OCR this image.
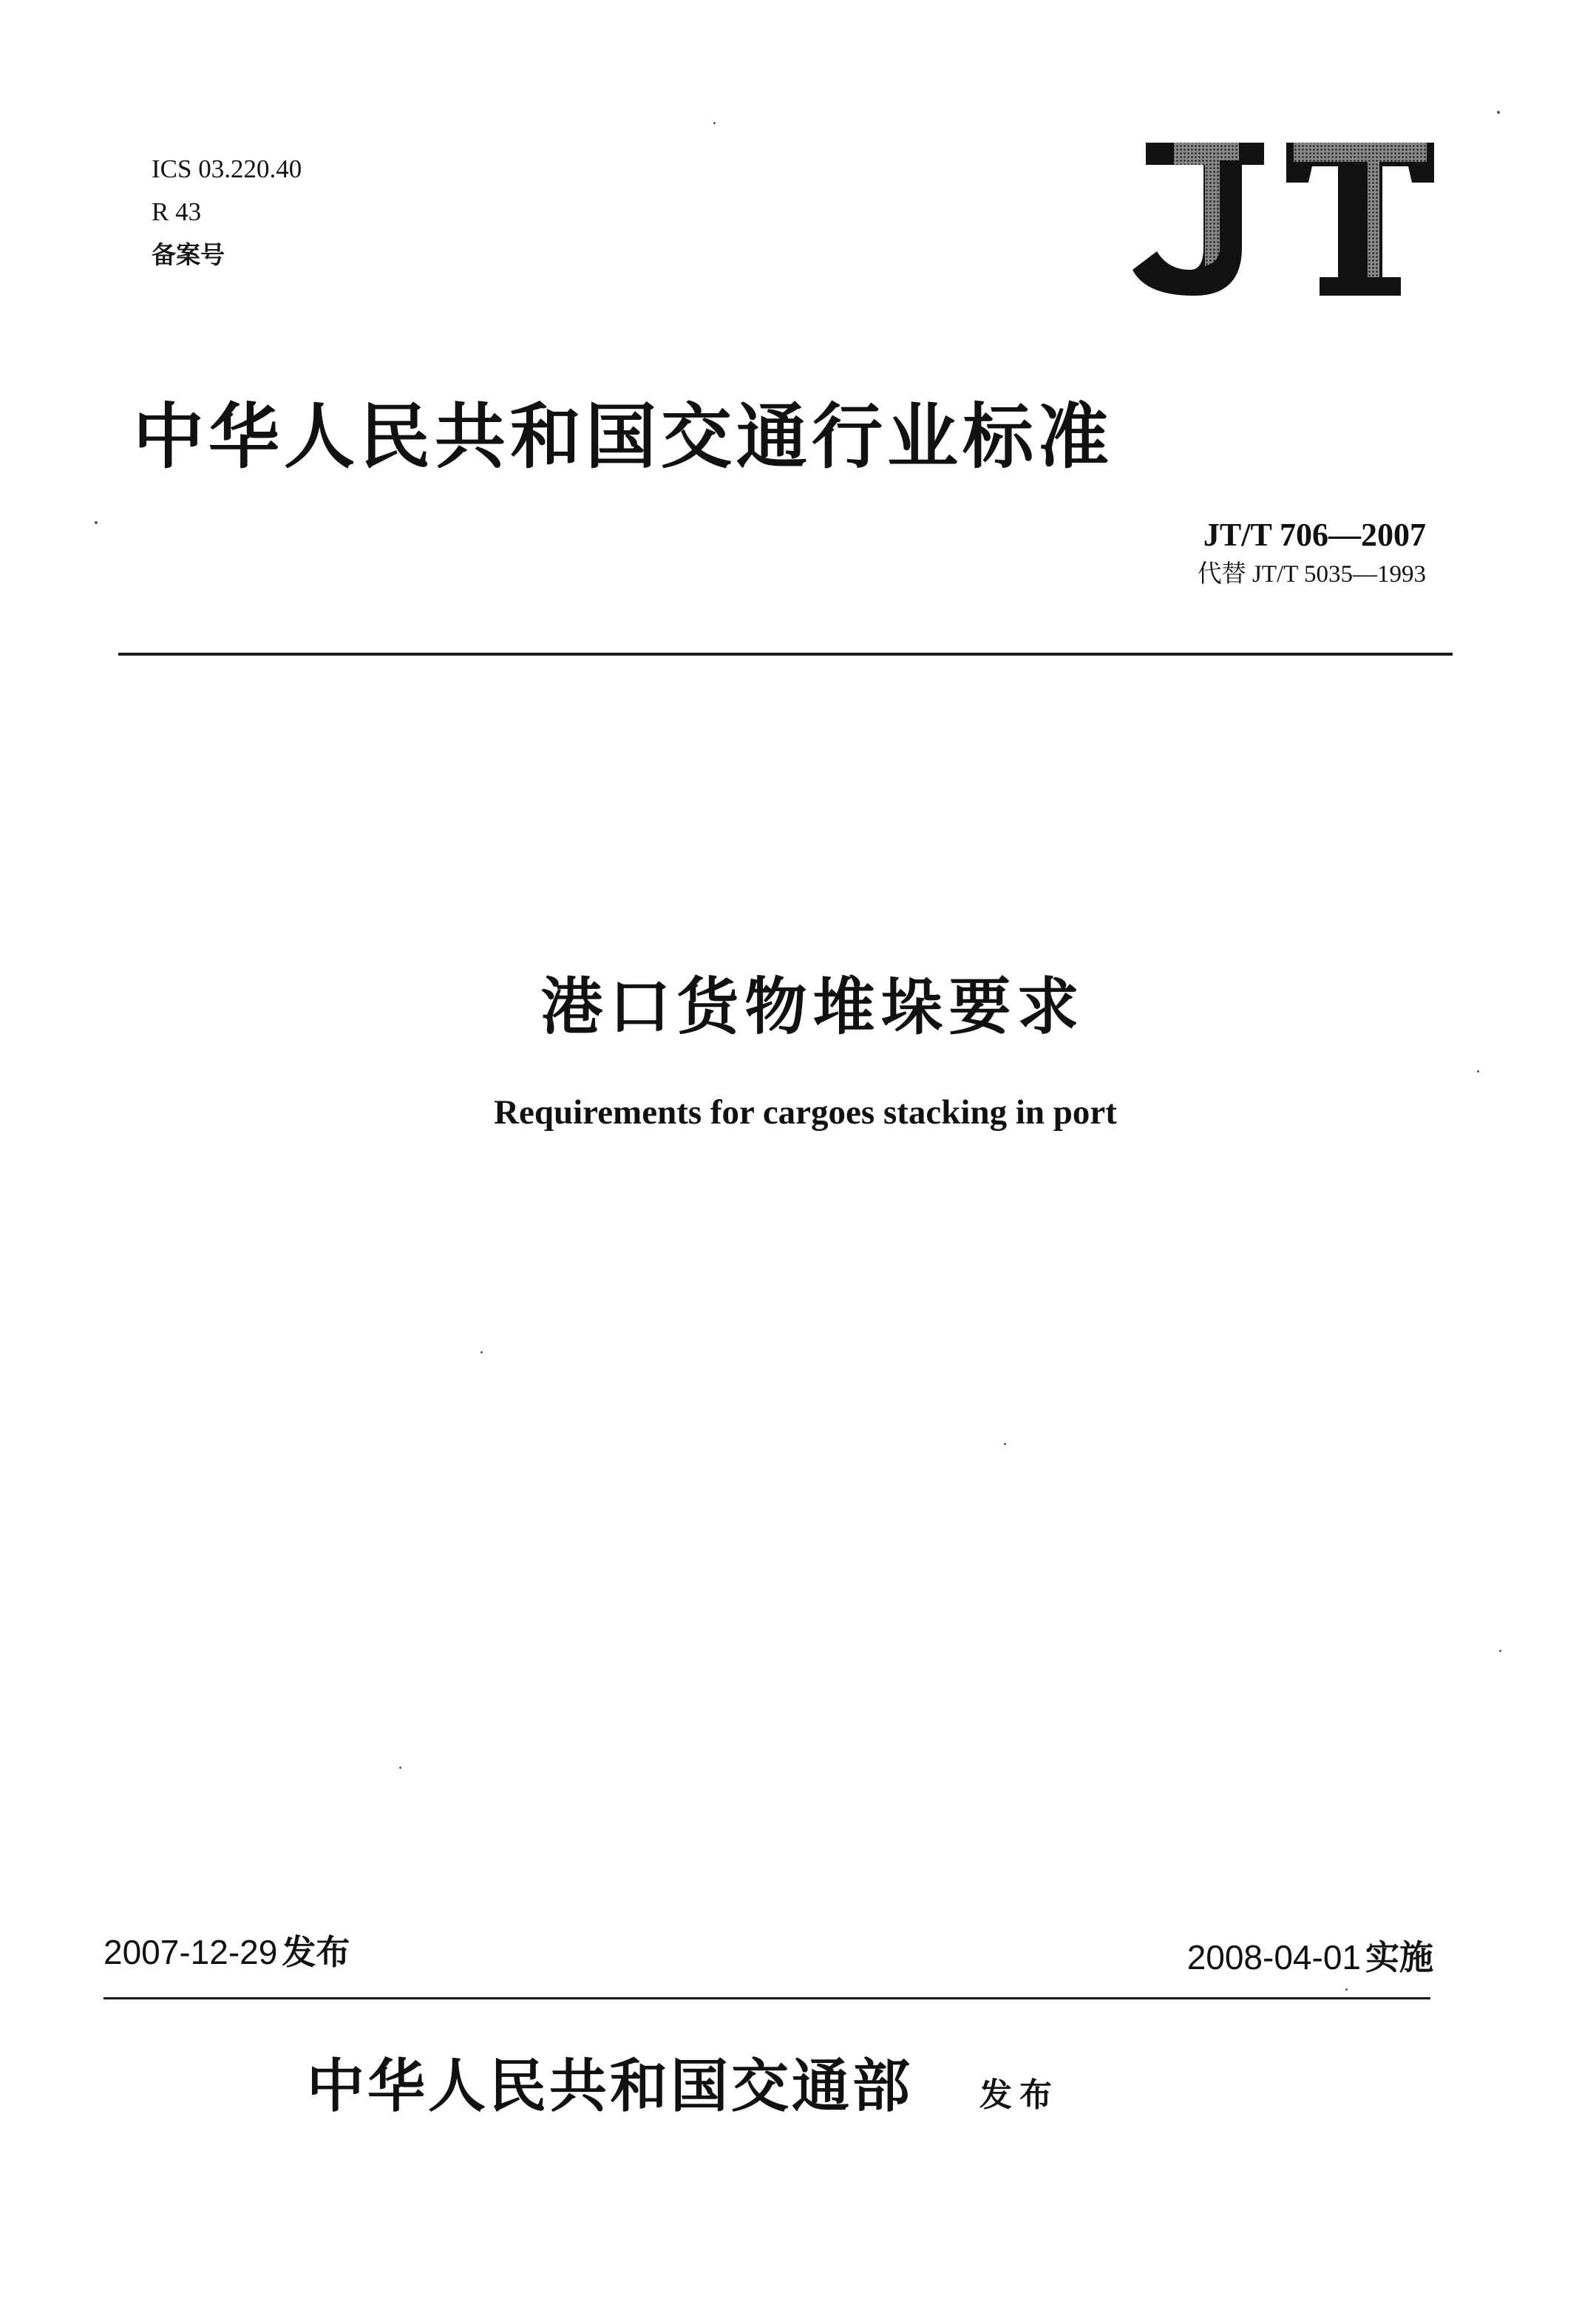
ICS 03.220.40
R 43
备案号
中华人民共和国交通行业标准
JT/T 706—2007
代替 JT/T 5035—1993
港口货物堆垛要求
Requirements for cargoes stacking in port
2007-12-29 发布	2008-04-01 实施
中华人民共和国交通部 发布
